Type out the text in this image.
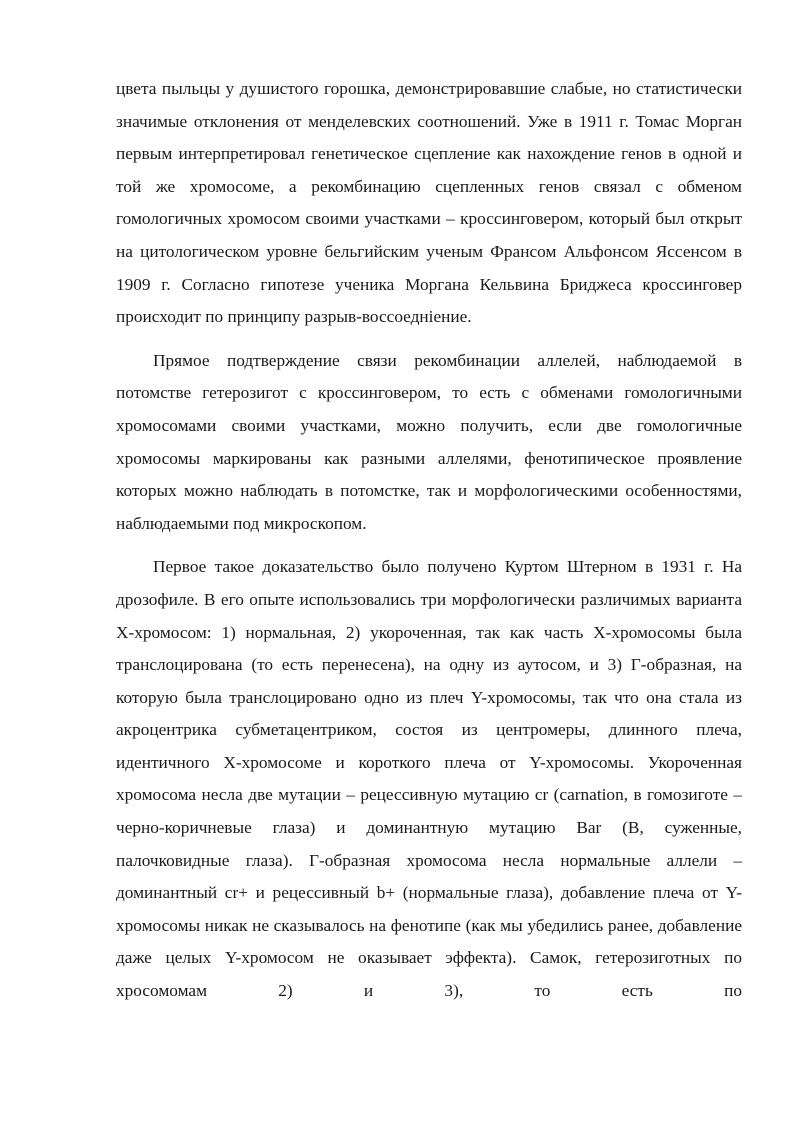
цвета пыльцы у душистого горошка, демонстрировавшие слабые, но статистически значимые отклонения от менделевских соотношений. Уже в 1911 г. Томас Морган первым интерпретировал генетическое сцепление как нахождение генов в одной и той же хромосоме, а рекомбинацию сцепленных генов связал с обменом гомологичных хромосом своими участками – кроссинговером, который был открыт на цитологическом уровне бельгийским ученым Франсом Альфонсом Яссенсом в 1909 г. Согласно гипотезе ученика Моргана Кельвина Бриджеса кроссинговер происходит по принципу разрыв-воссоеднiение.

Прямое подтверждение связи рекомбинации аллелей, наблюдаемой в потомстве гетерозигот с кроссинговером, то есть с обменами гомологичными хромосомами своими участками, можно получить, если две гомологичные хромосомы маркированы как разными аллелями, фенотипическое проявление которых можно наблюдать в потомстке, так и морфологическими особенностями, наблюдаемыми под микроскопом.

Первое такое доказательство было получено Куртом Штерном в 1931 г. На дрозофиле. В его опыте использовались три морфологически различимых варианта X-хромосом: 1) нормальная, 2) укороченная, так как часть X-хромосомы была транслоцирована (то есть перенесена), на одну из аутосом, и 3) Г-образная, на которую была транслоцировано одно из плеч Y-хромосомы, так что она стала из акроцентрика субметацентриком, состоя из центромеры, длинного плеча, идентичного X-хромосоме и короткого плеча от Y-хромосомы. Укороченная хромосома несла две мутации – рецессивную мутацию cr (carnation, в гомозиготе – черно-коричневые глаза) и доминантную мутацию Bar (B, суженные, палочковидные глаза). Г-образная хромосома несла нормальные аллели – доминантный cr+ и рецессивный b+ (нормальные глаза), добавление плеча от Y-хромосомы никак не сказывалось на фенотипе (как мы убедились ранее, добавление даже целых Y-хромосом не оказывает эффекта). Самок, гетерозиготных по хросомомам 2) и 3), то есть по
